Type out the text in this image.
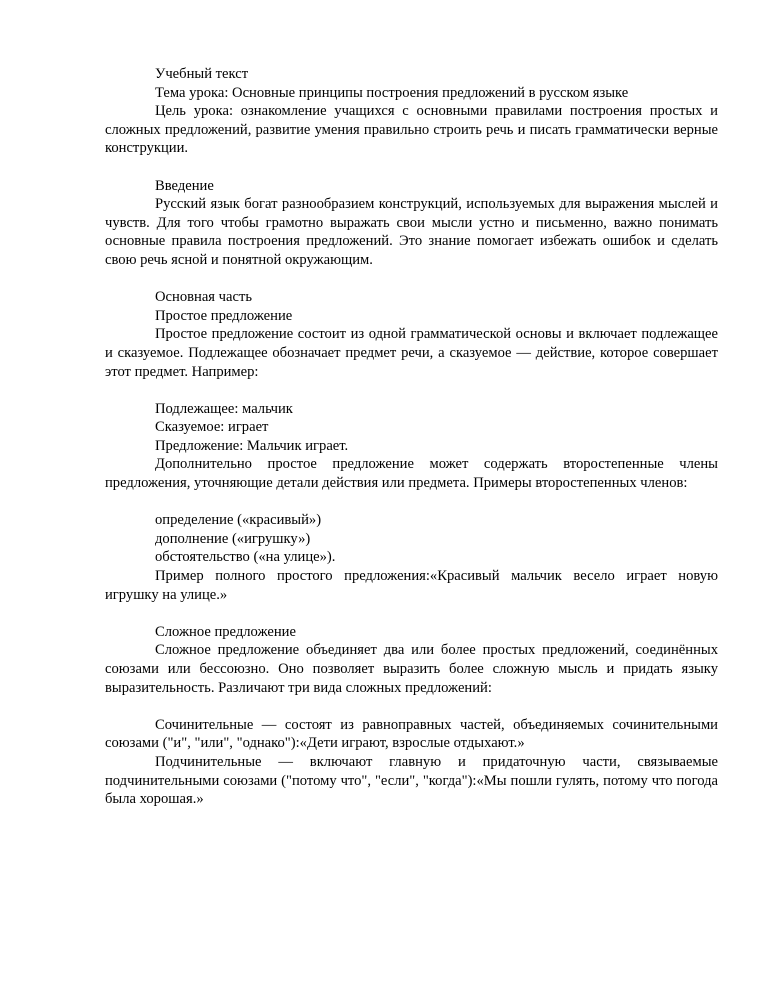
Учебный текст

Тема урока: Основные принципы построения предложений в русском языке

Цель урока: ознакомление учащихся с основными правилами построения простых и сложных предложений, развитие умения правильно строить речь и писать грамматически верные конструкции.

Введение

Русский язык богат разнообразием конструкций, используемых для выражения мыслей и чувств. Для того чтобы грамотно выражать свои мысли устно и письменно, важно понимать основные правила построения предложений. Это знание помогает избежать ошибок и сделать свою речь ясной и понятной окружающим.

Основная часть

Простое предложение

Простое предложение состоит из одной грамматической основы и включает подлежащее и сказуемое. Подлежащее обозначает предмет речи, а сказуемое — действие, которое совершает этот предмет. Например:

Подлежащее: мальчик

Сказуемое: играет

Предложение: Мальчик играет.

Дополнительно простое предложение может содержать второстепенные члены предложения, уточняющие детали действия или предмета. Примеры второстепенных членов:

определение («красивый»)

дополнение («игрушку»)

обстоятельство («на улице»).

Пример полного простого предложения:«Красивый мальчик весело играет новую игрушку на улице.»

Сложное предложение

Сложное предложение объединяет два или более простых предложений, соединённых союзами или бессоюзно. Оно позволяет выразить более сложную мысль и придать языку выразительность. Различают три вида сложных предложений:

Сочинительные — состоят из равноправных частей, объединяемых сочинительными союзами ("и", "или", "однако"):«Дети играют, взрослые отдыхают.»

Подчинительные — включают главную и придаточную части, связываемые подчинительными союзами ("потому что", "если", "когда"):«Мы пошли гулять, потому что погода была хорошая.»
